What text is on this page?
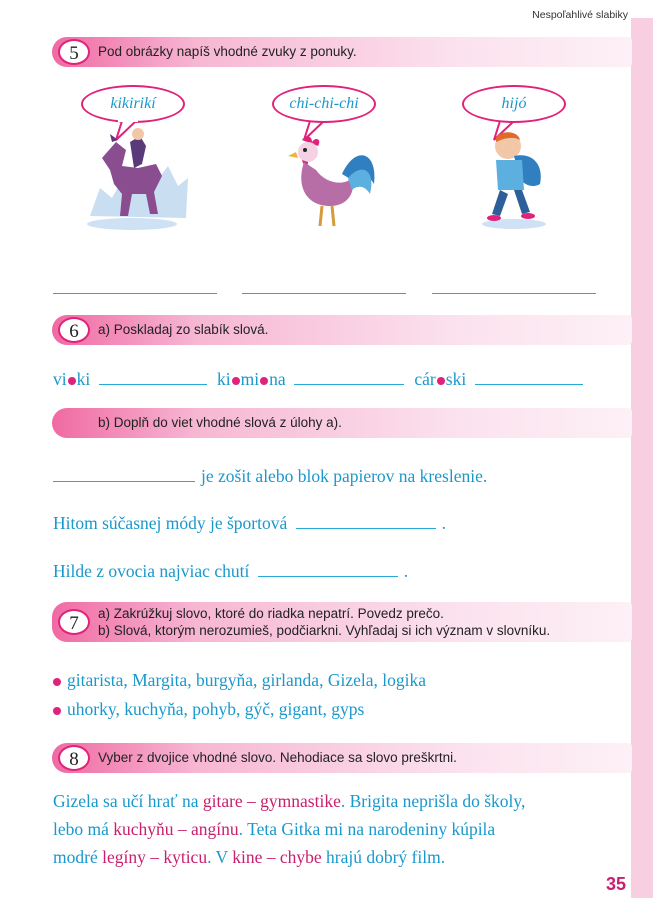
Nespoľahlivé slabiky
5	Pod obrázky napíš vhodné zvuky z ponuky.
kikirikí	chi-chi-chi	hijó
6	a) Poskladaj zo slabík slová.
vi ki	ki mi na	cár ski
b) Doplň do viet vhodné slová z úlohy a).
je zošit alebo blok papierov na kreslenie.
Hitom súčasnej módy je športová	.
Hilde z ovocia najviac chutí	.
7	a) Zakrúžkuj slovo, ktoré do riadka nepatrí. Povedz prečo.
b) Slová, ktorým nerozumieš, podčiarkni. Vyhľadaj si ich význam v slovníku.
gitarista, Margita, burgyňa, girlanda, Gizela, logika
uhorky, kuchyňa, pohyb, gýč, gigant, gyps
8	Vyber z dvojice vhodné slovo. Nehodiace sa slovo preškrtni.
Gizela sa učí hrať na gitare – gymnastike. Brigita neprišla do školy,
lebo má kuchyňu – angínu. Teta Gitka mi na narodeniny kúpila
modré legíny – kyticu. V kine – chybe hrajú dobrý film.
35
